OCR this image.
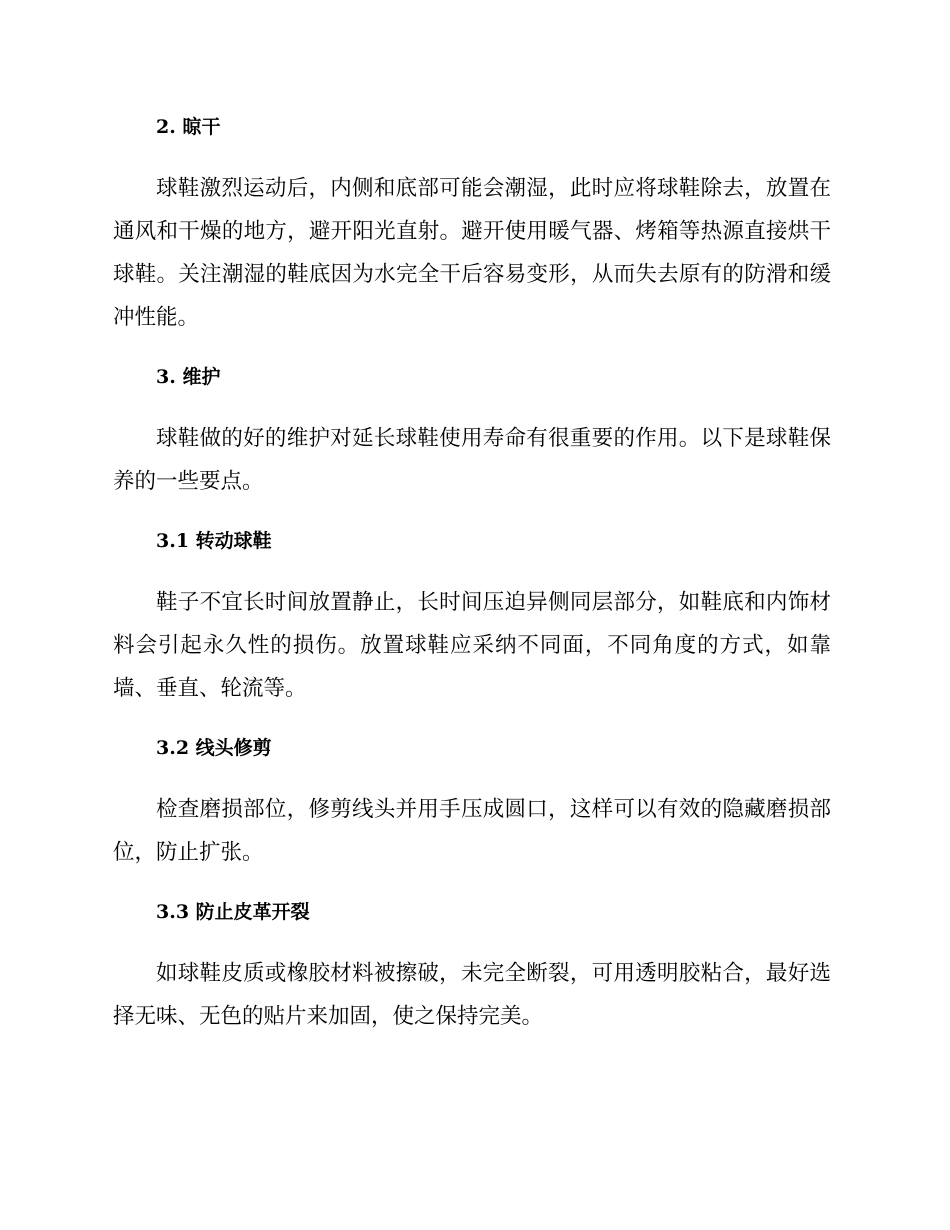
2. 晾干

球鞋激烈运动后，内侧和底部可能会潮湿，此时应将球鞋除去，放置在通风和干燥的地方，避开阳光直射。避开使用暖气器、烤箱等热源直接烘干球鞋。关注潮湿的鞋底因为水完全干后容易变形，从而失去原有的防滑和缓冲性能。

3. 维护

球鞋做的好的维护对延长球鞋使用寿命有很重要的作用。以下是球鞋保养的一些要点。

3.1 转动球鞋

鞋子不宜长时间放置静止，长时间压迫异侧同层部分，如鞋底和内饰材料会引起永久性的损伤。放置球鞋应采纳不同面，不同角度的方式，如靠墙、垂直、轮流等。

3.2 线头修剪

检查磨损部位，修剪线头并用手压成圆口，这样可以有效的隐藏磨损部位，防止扩张。

3.3 防止皮革开裂

如球鞋皮质或橡胶材料被擦破，未完全断裂，可用透明胶粘合，最好选择无味、无色的贴片来加固，使之保持完美。
